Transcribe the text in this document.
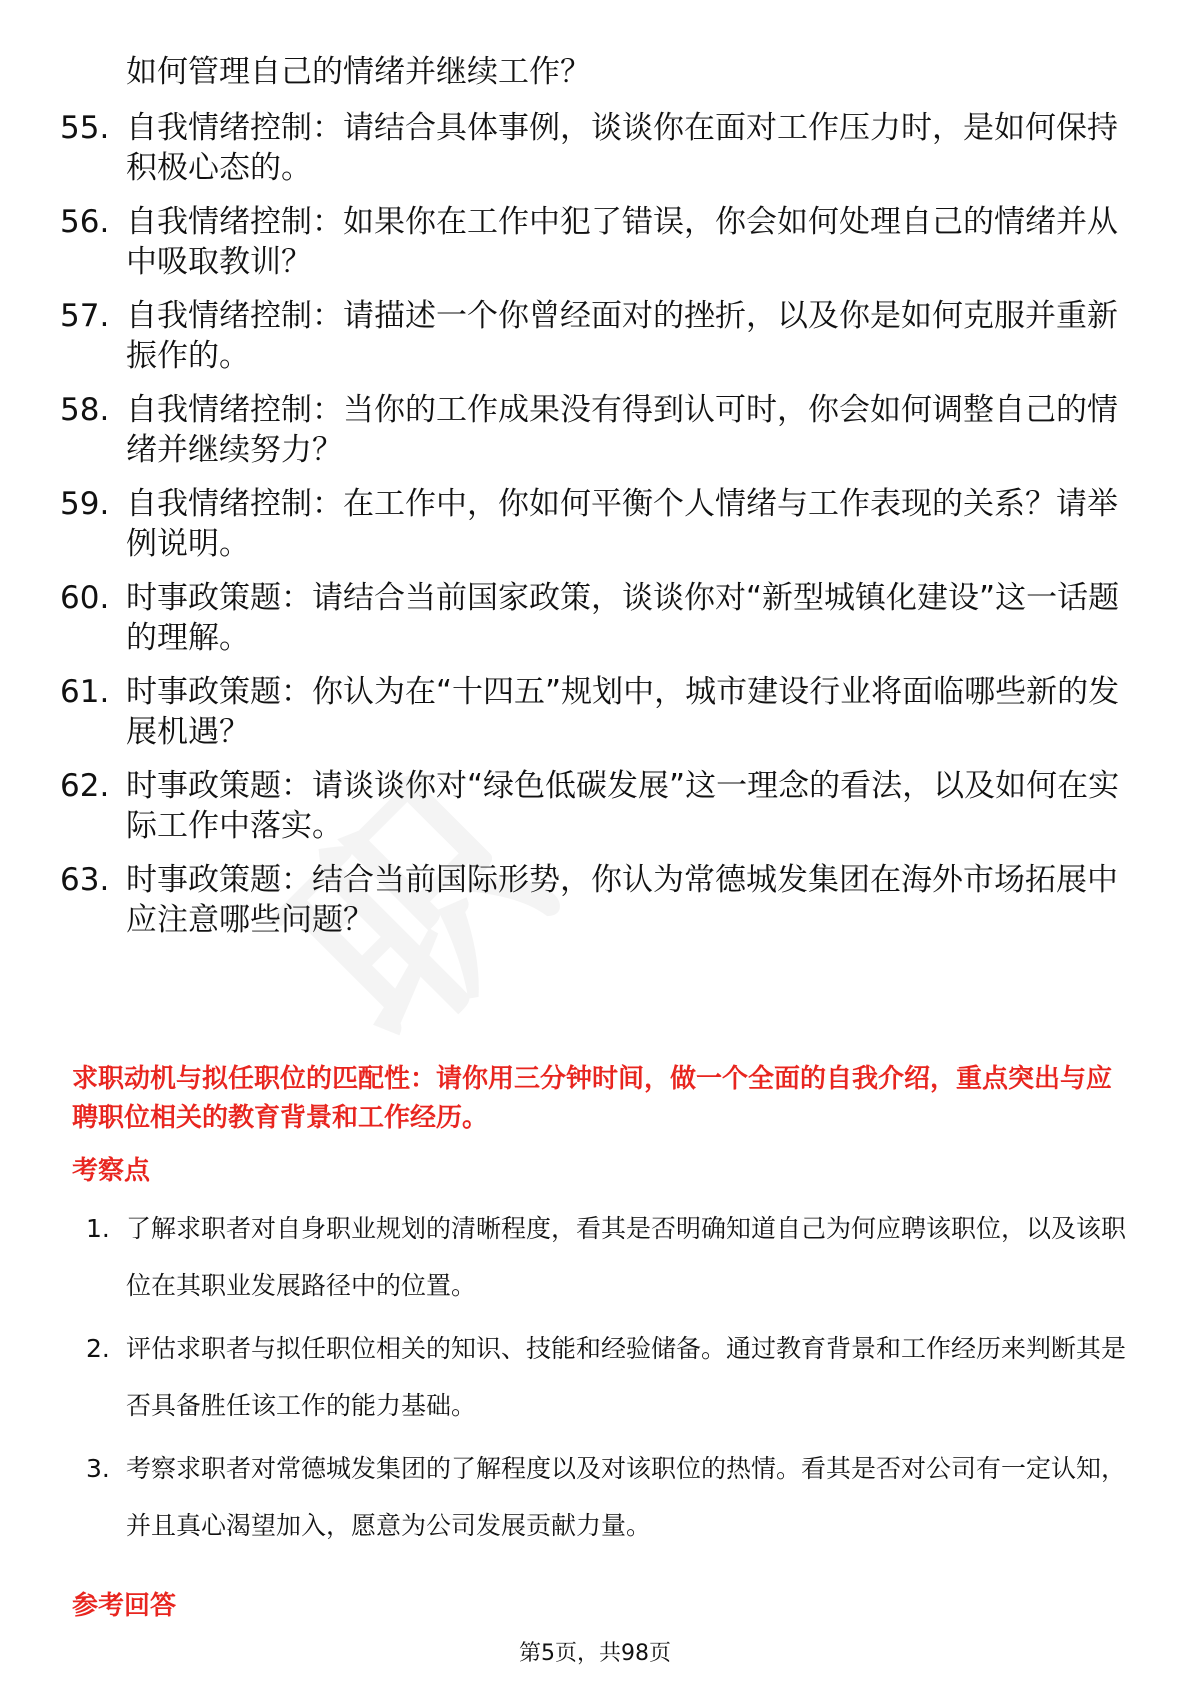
如何管理自己的情绪并继续工作？
55. 自我情绪控制：请结合具体事例，谈谈你在面对工作压力时，是如何保持积极心态的。
56. 自我情绪控制：如果你在工作中犯了错误，你会如何处理自己的情绪并从中吸取教训？
57. 自我情绪控制：请描述一个你曾经面对的挫折，以及你是如何克服并重新振作的。
58. 自我情绪控制：当你的工作成果没有得到认可时，你会如何调整自己的情绪并继续努力？
59. 自我情绪控制：在工作中，你如何平衡个人情绪与工作表现的关系？请举例说明。
60. 时事政策题：请结合当前国家政策，谈谈你对“新型城镇化建设”这一话题的理解。
61. 时事政策题：你认为在“十四五”规划中，城市建设行业将面临哪些新的发展机遇？
62. 时事政策题：请谈谈你对“绿色低碳发展”这一理念的看法，以及如何在实际工作中落实。
63. 时事政策题：结合当前国际形势，你认为常德城发集团在海外市场拓展中应注意哪些问题？
求职动机与拟任职位的匹配性：请你用三分钟时间，做一个全面的自我介绍，重点突出与应聘职位相关的教育背景和工作经历。
考察点
1. 了解求职者对自身职业规划的清晰程度，看其是否明确知道自己为何应聘该职位，以及该职位在其职业发展路径中的位置。
2. 评估求职者与拟任职位相关的知识、技能和经验储备。通过教育背景和工作经历来判断其是否具备胜任该工作的能力基础。
3. 考察求职者对常德城发集团的了解程度以及对该职位的热情。看其是否对公司有一定认知，并且真心渴望加入，愿意为公司发展贡献力量。
参考回答
第5页，共98页
